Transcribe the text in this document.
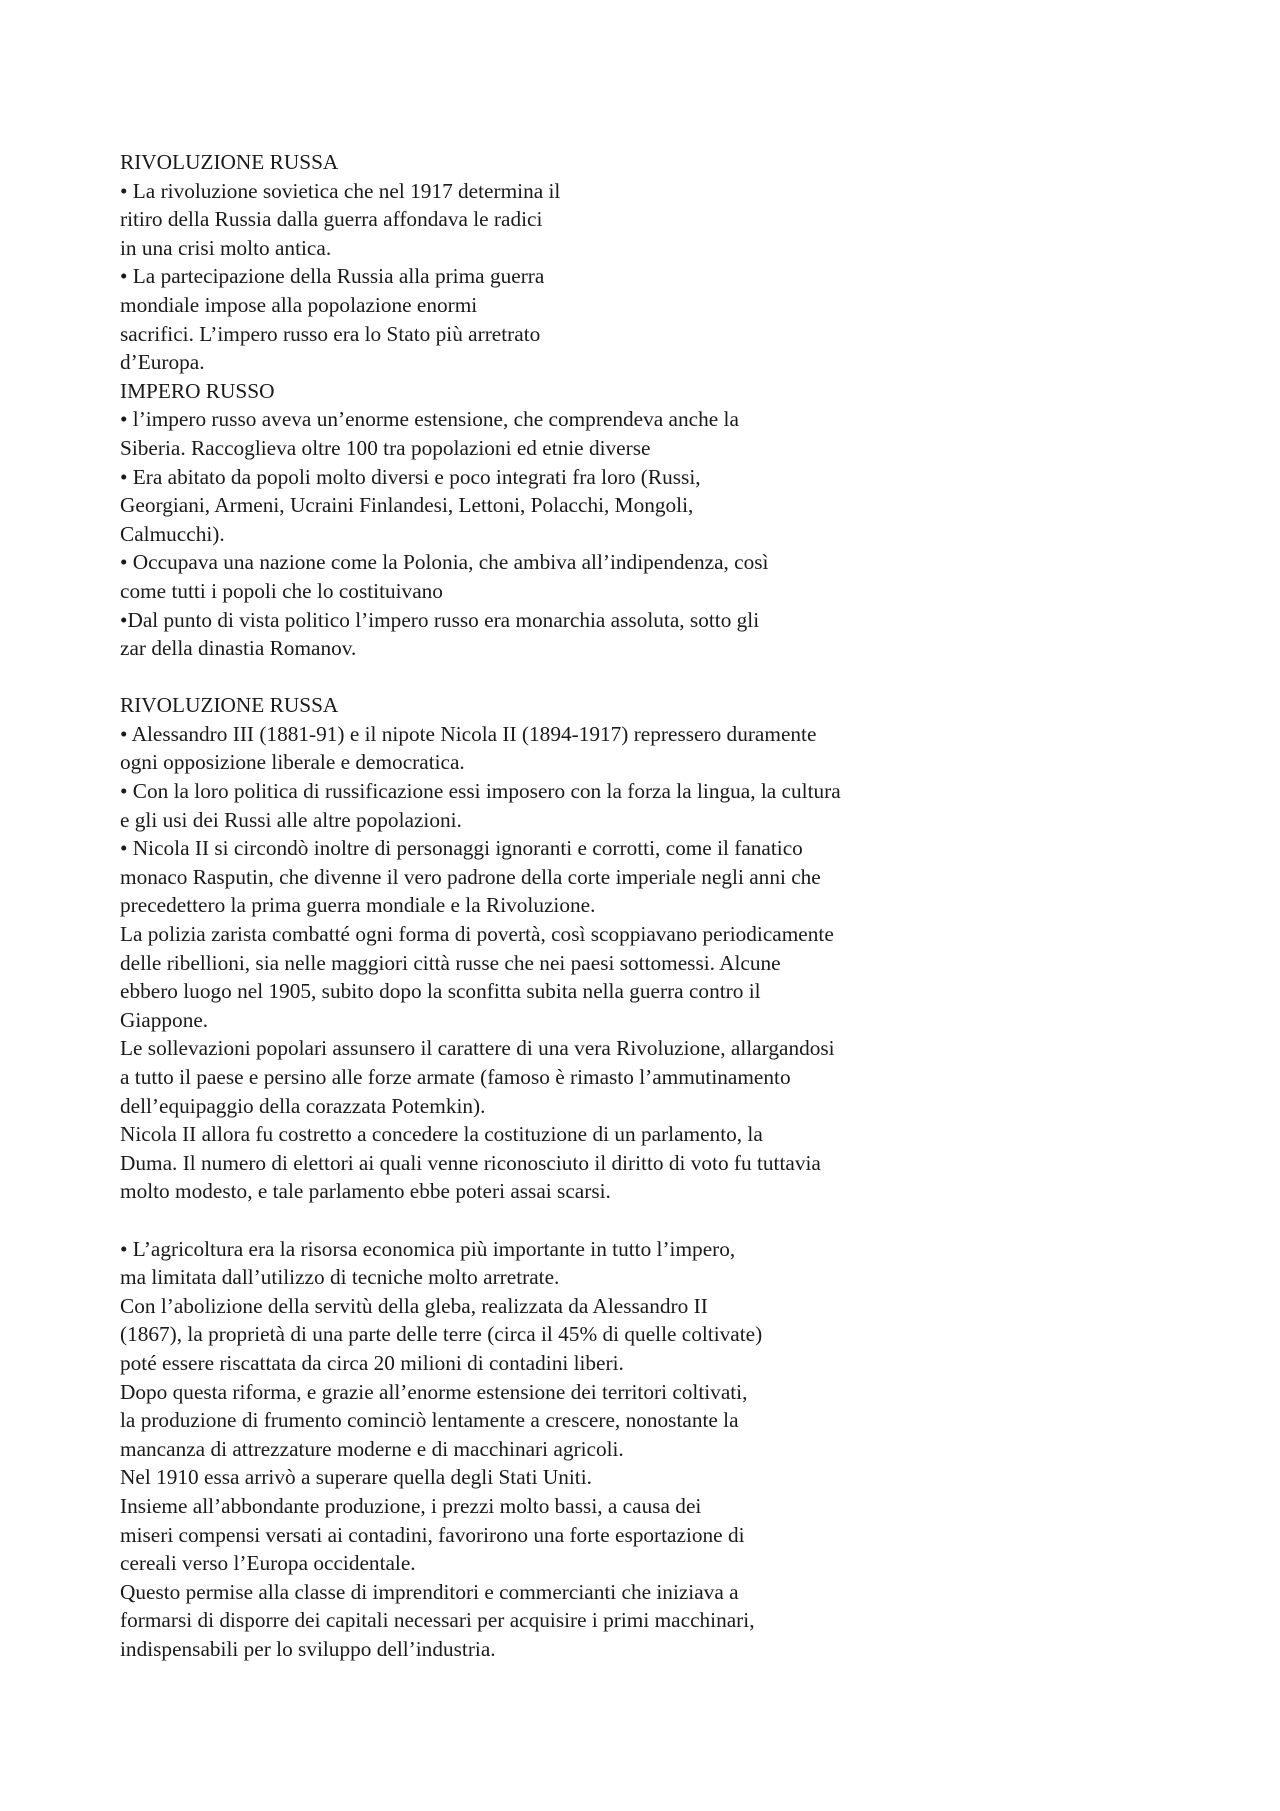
RIVOLUZIONE RUSSA
• La rivoluzione sovietica che nel 1917 determina il
ritiro della Russia dalla guerra affondava le radici
in una crisi molto antica.
• La partecipazione della Russia alla prima guerra
mondiale impose alla popolazione enormi
sacrifici. L’impero russo era lo Stato più arretrato
d’Europa.
IMPERO RUSSO
• l’impero russo aveva un’enorme estensione, che comprendeva anche la
Siberia. Raccoglieva oltre 100 tra popolazioni ed etnie diverse
• Era abitato da popoli molto diversi e poco integrati fra loro (Russi,
Georgiani, Armeni, Ucraini Finlandesi, Lettoni, Polacchi, Mongoli,
Calmucchi).
• Occupava una nazione come la Polonia, che ambiva all’indipendenza, così
come tutti i popoli che lo costituivano
•Dal punto di vista politico l’impero russo era monarchia assoluta, sotto gli
zar della dinastia Romanov.
RIVOLUZIONE RUSSA
• Alessandro III (1881-91) e il nipote Nicola II (1894-1917) repressero duramente
ogni opposizione liberale e democratica.
• Con la loro politica di russificazione essi imposero con la forza la lingua, la cultura
e gli usi dei Russi alle altre popolazioni.
• Nicola II si circondò inoltre di personaggi ignoranti e corrotti, come il fanatico
monaco Rasputin, che divenne il vero padrone della corte imperiale negli anni che
precedettero la prima guerra mondiale e la Rivoluzione.
La polizia zarista combatté ogni forma di povertà, così scoppiavano periodicamente
delle ribellioni, sia nelle maggiori città russe che nei paesi sottomessi. Alcune
ebbero luogo nel 1905, subito dopo la sconfitta subita nella guerra contro il
Giappone.
Le sollevazioni popolari assunsero il carattere di una vera Rivoluzione, allargandosi
a tutto il paese e persino alle forze armate (famoso è rimasto l’ammutinamento
dell’equipaggio della corazzata Potemkin).
Nicola II allora fu costretto a concedere la costituzione di un parlamento, la
Duma. Il numero di elettori ai quali venne riconosciuto il diritto di voto fu tuttavia
molto modesto, e tale parlamento ebbe poteri assai scarsi.
• L’agricoltura era la risorsa economica più importante in tutto l’impero,
ma limitata dall’utilizzo di tecniche molto arretrate.
Con l’abolizione della servitù della gleba, realizzata da Alessandro II
(1867), la proprietà di una parte delle terre (circa il 45% di quelle coltivate)
poté essere riscattata da circa 20 milioni di contadini liberi.
Dopo questa riforma, e grazie all’enorme estensione dei territori coltivati,
la produzione di frumento cominciò lentamente a crescere, nonostante la
mancanza di attrezzature moderne e di macchinari agricoli.
Nel 1910 essa arrivò a superare quella degli Stati Uniti.
Insieme all’abbondante produzione, i prezzi molto bassi, a causa dei
miseri compensi versati ai contadini, favorirono una forte esportazione di
cereali verso l’Europa occidentale.
Questo permise alla classe di imprenditori e commercianti che iniziava a
formarsi di disporre dei capitali necessari per acquisire i primi macchinari,
indispensabili per lo sviluppo dell’industria.
